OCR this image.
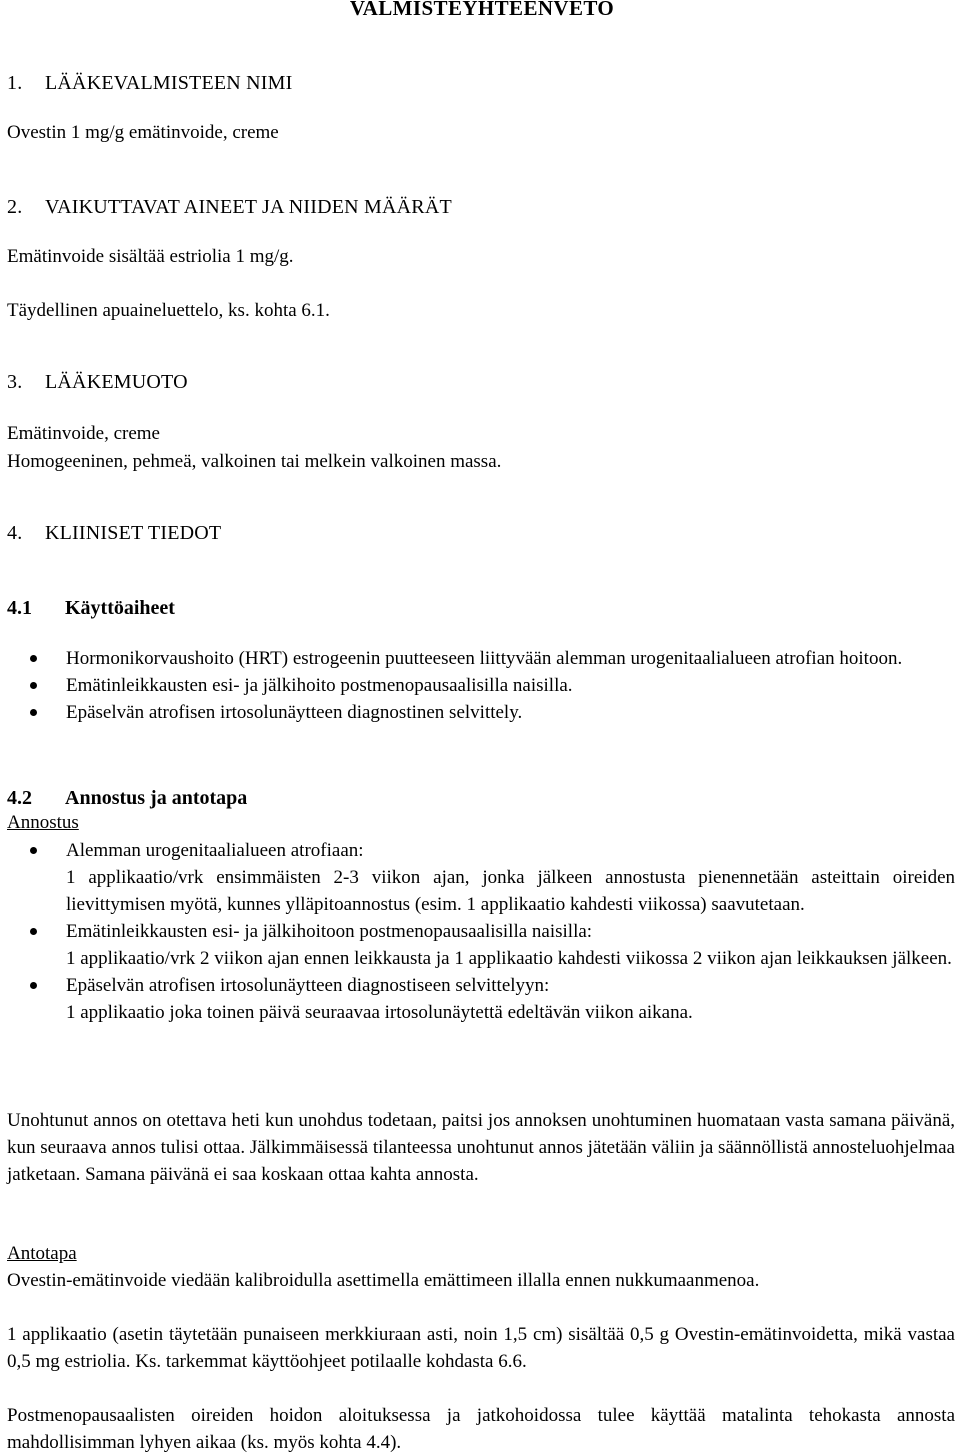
VALMISTEYHTEENVETO
1. LÄÄKEVALMISTEEN NIMI
Ovestin 1 mg/g emätinvoide, creme
2. VAIKUTTAVAT AINEET JA NIIDEN MÄÄRÄT
Emätinvoide sisältää estriolia 1 mg/g.
Täydellinen apuaineluettelo, ks. kohta 6.1.
3. LÄÄKEMUOTO
Emätinvoide, creme
Homogeeninen, pehmeä, valkoinen tai melkein valkoinen massa.
4. KLIINISET TIEDOT
4.1 Käyttöaiheet
Hormonikorvaushoito (HRT) estrogeenin puutteeseen liittyvään alemman urogenitaalialueen atrofian hoitoon.
Emätinleikkausten esi- ja jälkihoito postmenopausaalisilla naisilla.
Epäselvän atrofisen irtosolunäytteen diagnostinen selvittely.
4.2 Annostus ja antotapa
Annostus
Alemman urogenitaalialueen atrofiaan:
1 applikaatio/vrk ensimmäisten 2-3 viikon ajan, jonka jälkeen annostusta pienennetään asteittain oireiden lievittymisen myötä, kunnes ylläpitoannostus (esim. 1 applikaatio kahdesti viikossa) saavutetaan.
Emätinleikkausten esi- ja jälkihoitoon postmenopausaalisilla naisilla:
1 applikaatio/vrk 2 viikon ajan ennen leikkausta ja 1 applikaatio kahdesti viikossa 2 viikon ajan leikkauksen jälkeen.
Epäselvän atrofisen irtosolunäytteen diagnostiseen selvittelyyn:
1 applikaatio joka toinen päivä seuraavaa irtosolunäytettä edeltävän viikon aikana.

Unohtunut annos on otettava heti kun unohdus todetaan, paitsi jos annoksen unohtuminen huomataan vasta samana päivänä, kun seuraava annos tulisi ottaa. Jälkimmäisessä tilanteessa unohtunut annos jätetään väliin ja säännöllistä annosteluohjelmaa jatketaan. Samana päivänä ei saa koskaan ottaa kahta annosta.

Antotapa

Ovestin-emätinvoide viedään kalibroidulla asettimella emättimeen illalla ennen nukkumaanmenoa.

1 applikaatio (asetin täytetään punaiseen merkkiuraan asti, noin 1,5 cm) sisältää 0,5 g Ovestin-emätinvoidetta, mikä vastaa 0,5 mg estriolia. Ks. tarkemmat käyttöohjeet potilaalle kohdasta 6.6.

Postmenopausaalisten oireiden hoidon aloituksessa ja jatkohoidossa tulee käyttää matalinta tehokasta annosta mahdollisimman lyhyen aikaa (ks. myös kohta 4.4).
